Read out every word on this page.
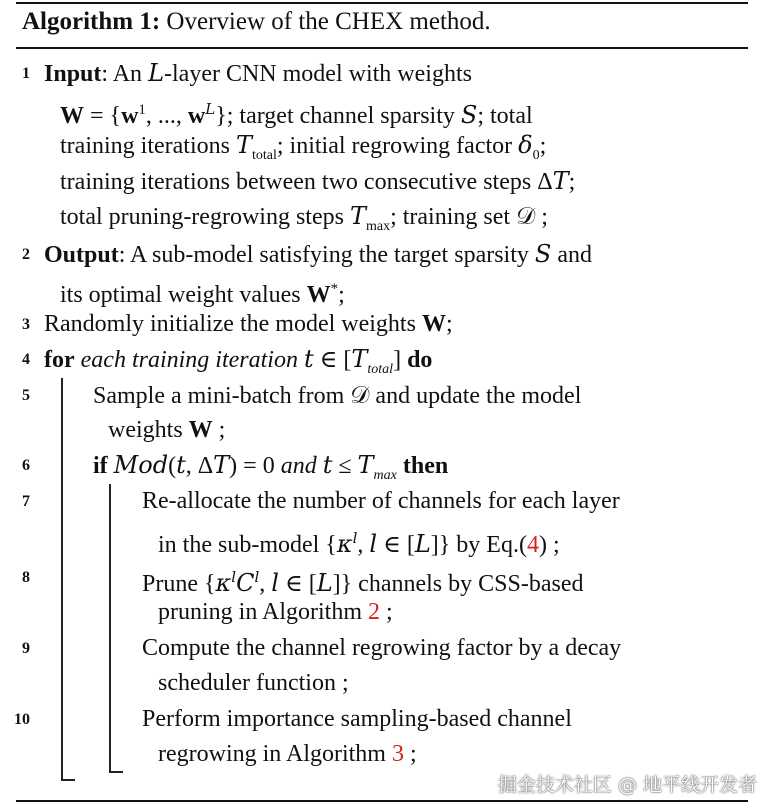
Algorithm 1: Overview of the CHEX method.
1 Input: An L-layer CNN model with weights
$W = \{w^1$, ..., $w^L$}; target channel sparsity S; total
training iterations $T_{total}$; initial regrowing factor $\delta_0$;
training iterations between two consecutive steps ΔT;
total pruning-regrowing steps $T_{max}$; training set 𝒟 ;
2 Output: A sub-model satisfying the target sparsity S and
its optimal weight values W*;
3 Randomly initialize the model weights W;
4 for each training iteration t ∈ $[T_{total}]$ do
5	Sample a mini-batch from 𝒟 and update the model
weights W ;
6	if Mod(t, ΔT) = 0 and $t \le T_{max}$ then
7	Re-allocate the number of channels for each layer
in the sub-model {$\kappa^l$, l ∈ [L]} by Eq.(4) ;
8	Prune {$\kappa^lC^l$, l ∈ [L]} channels by CSS-based
pruning in Algorithm 2 ;
9	Compute the channel regrowing factor by a decay
scheduler function ;
10	Perform importance sampling-based channel
regrowing in Algorithm 3 ;
掘金技术社区 @ 地平线开发者
